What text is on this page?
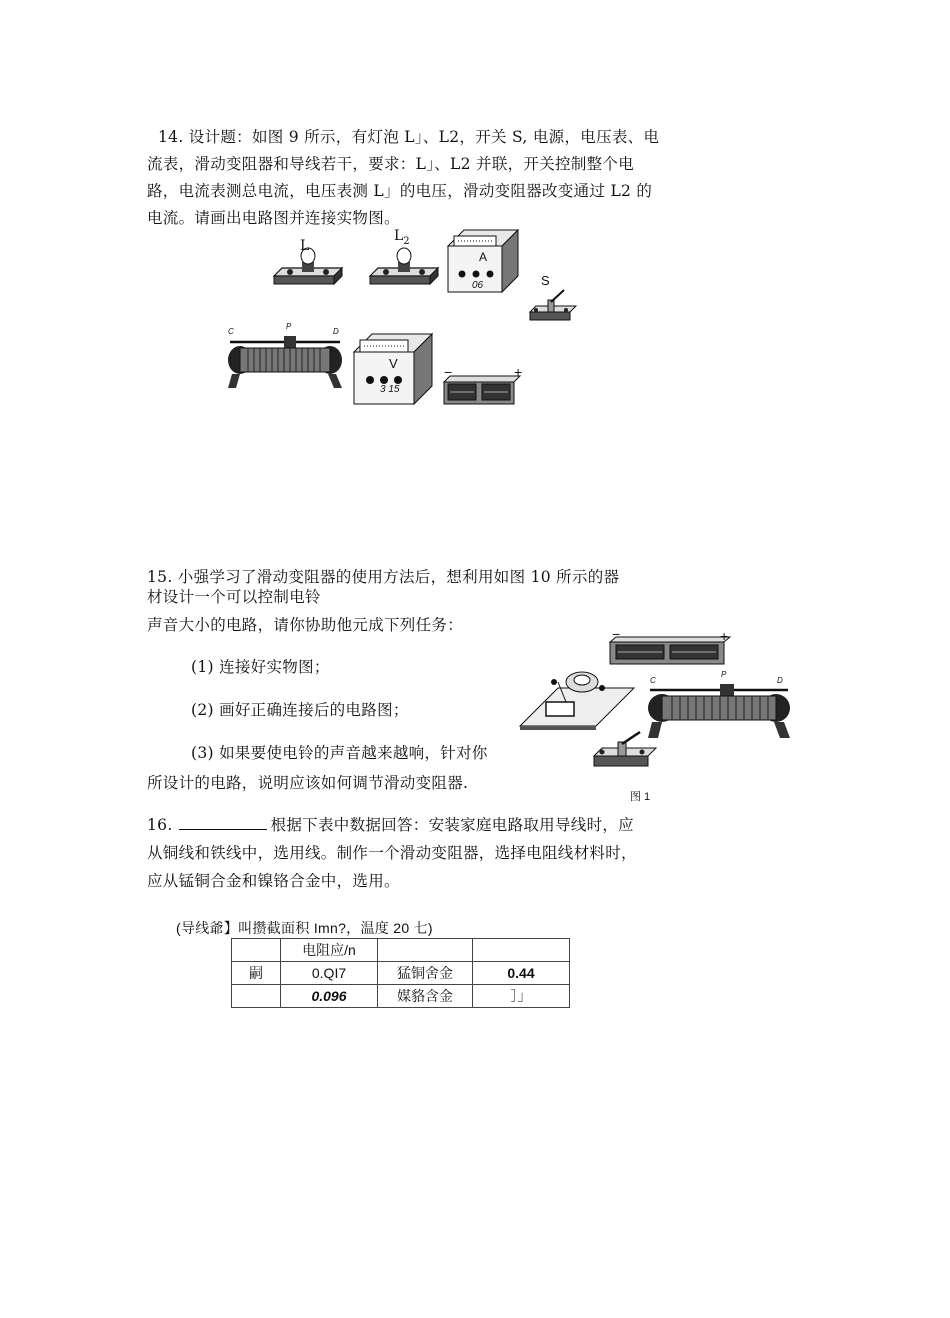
14. 设计题：如图 9 所示，有灯泡 L」、L2，开关 S, 电源，电压表、电
流表，滑动变阻器和导线若干，要求：L」、L2 并联，开关控制整个电
路，电流表测总电流，电压表测 L」的电压，滑动变阻器改变通过 L2 的
电流。请画出电路图并连接实物图。
L
$L_2$
A
06	S
C
P
D
V
3 15
−	+
15. 小强学习了滑动变阻器的使用方法后，想利用如图 10 所示的器
材设计一个可以控制电铃
声音大小的电路，请你协助他元成下列任务：
(1) 连接好实物图；
(2) 画好正确连接后的电路图；
(3) 如果要使电铃的声音越来越响，针对你
所设计的电路，说明应该如何调节滑动变阻器.
−	+
C
P
D
图 1
16.	根据下表中数据回答：安装家庭电路取用导线时，应
从铜线和铁线中，选用线。制作一个滑动变阻器，选择电阻线材料时，
应从锰铜合金和镍铬合金中，选用。
(导线爺】叫攒截面积 Imn?，温度 20 七)
	电阻应/n		
嗣	0.QI7	猛铜舍金	0.44
	0.096	媒貉含金	］」
